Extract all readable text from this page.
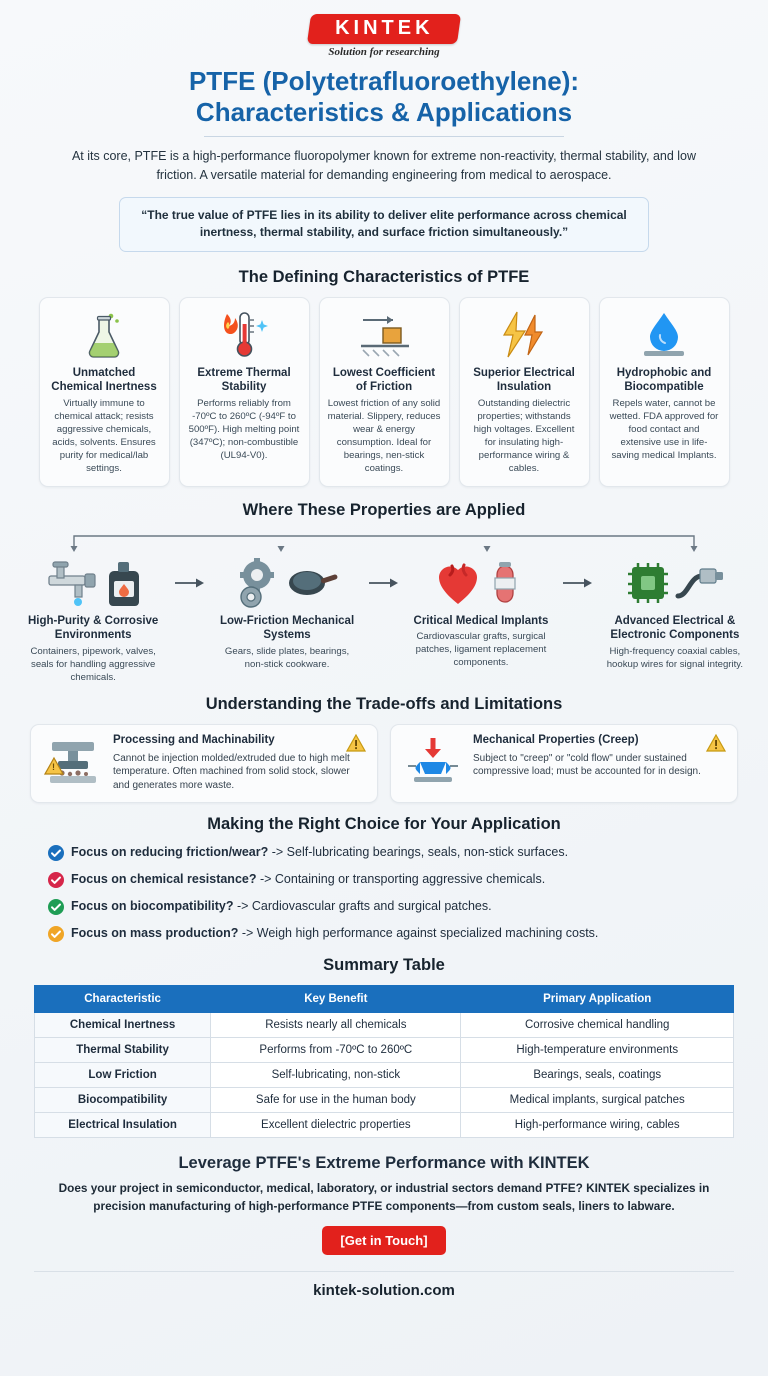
KINTEK
Solution for researching
PTFE (Polytetrafluoroethylene):
Characteristics & Applications
At its core, PTFE is a high-performance fluoropolymer known for extreme non-reactivity, thermal stability, and low friction. A versatile material for demanding engineering from medical to aerospace.
“The true value of PTFE lies in its ability to deliver elite performance across chemical inertness, thermal stability, and surface friction simultaneously.”
The Defining Characteristics of PTFE
Unmatched Chemical Inertness
Virtually immune to chemical attack; resists aggressive chemicals, acids, solvents. Ensures purity for medical/lab settings.
Extreme Thermal Stability
Performs reliably from -70ºC to 260ºC (-94ºF to 500ºF). High melting point (347ºC); non-combustible (UL94-V0).
Lowest Coefficient of Friction
Lowest friction of any solid material. Slippery, reduces wear & energy consumption. Ideal for bearings, nen-stick coatings.
Superior Electrical Insulation
Outstanding dielectric properties; withstands high voltages. Excellent for insulating high-performance wiring & cables.
Hydrophobic and Biocompatible
Repels water, cannot be wetted. FDA approved for food contact and extensive use in life-saving medical Implants.
Where These Properties are Applied
High-Purity & Corrosive Environments
Containers, pipework, valves, seals for handling aggressive chemicals.
Low-Friction Mechanical Systems
Gears, slide plates, bearings, non-stick cookware.
Critical Medical Implants
Cardiovascular grafts, surgical patches, ligament replacement components.
Advanced Electrical & Electronic Components
High-frequency coaxial cables, hookup wires for signal integrity.
Understanding the Trade-offs and Limitations
!
Processing and Machinability
Cannot be injection molded/extruded due to high melt temperature. Often machined from solid stock, slower and generates more waste.
Mechanical Properties (Creep)
Subject to "creep" or "cold flow" under sustained compressive load; must be accounted for in design.
Making the Right Choice for Your Application
Focus on reducing friction/wear? -> Self-lubricating bearings, seals, non-stick surfaces.
Focus on chemical resistance? -> Containing or transporting aggressive chemicals.
Focus on biocompatibility? -> Cardiovascular grafts and surgical patches.
Focus on mass production? -> Weigh high performance against specialized machining costs.
Summary Table
Characteristic	Key Benefit	Primary Application
Chemical Inertness	Resists nearly all chemicals	Corrosive chemical handling
Thermal Stability	Performs from -70ºC to 260ºC	High-temperature environments
Low Friction	Self-lubricating, non-stick	Bearings, seals, coatings
Biocompatibility	Safe for use in the human body	Medical implants, surgical patches
Electrical Insulation	Excellent dielectric properties	High-performance wiring, cables
Leverage PTFE's Extreme Performance with KINTEK
Does your project in semiconductor, medical, laboratory, or industrial sectors demand PTFE? KINTEK specializes in precision manufacturing of high-performance PTFE components—from custom seals, liners to labware.
[Get in Touch]
kintek-solution.com
